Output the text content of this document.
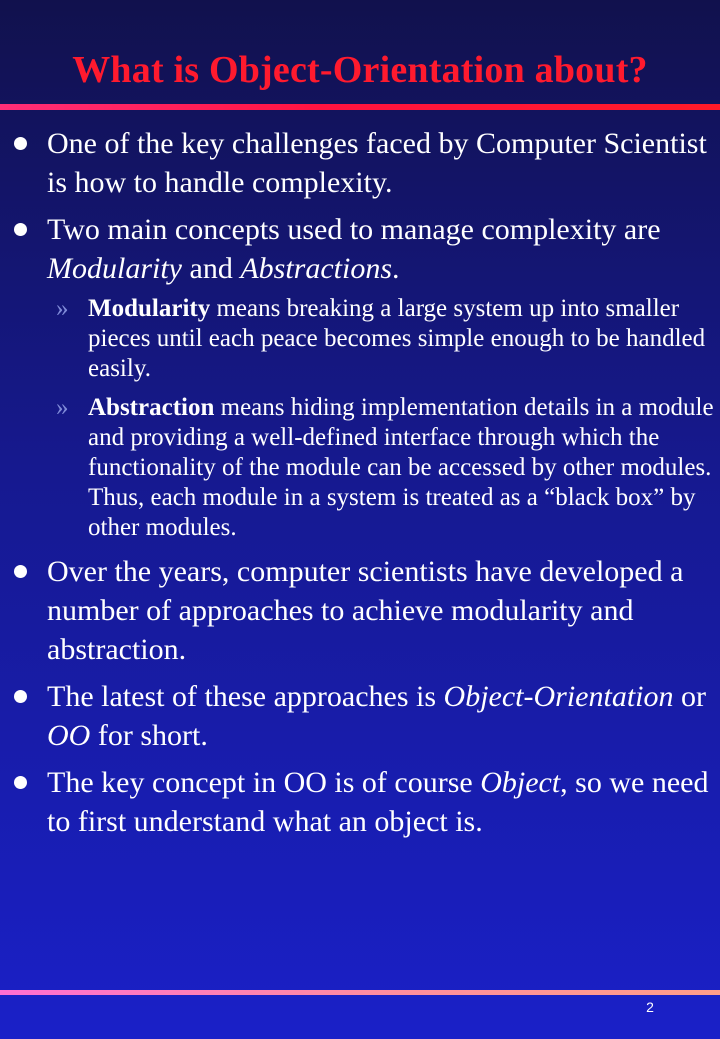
What is Object-Orientation about?
One of the key challenges faced by Computer Scientist is how to handle complexity.
Two main concepts used to manage complexity are Modularity and Abstractions.
» Modularity means breaking a large system up into smaller pieces until each peace becomes simple enough to be handled easily.
» Abstraction means hiding implementation details in a module and providing a well-defined interface through which the functionality of the module can be accessed by other modules. Thus, each module in a system is treated as a “black box” by other modules.
Over the years, computer scientists have developed a number of approaches to achieve modularity and abstraction.
The latest of these approaches is Object-Orientation or OO for short.
The key concept in OO is of course Object, so we need to first understand what an object is.
2
